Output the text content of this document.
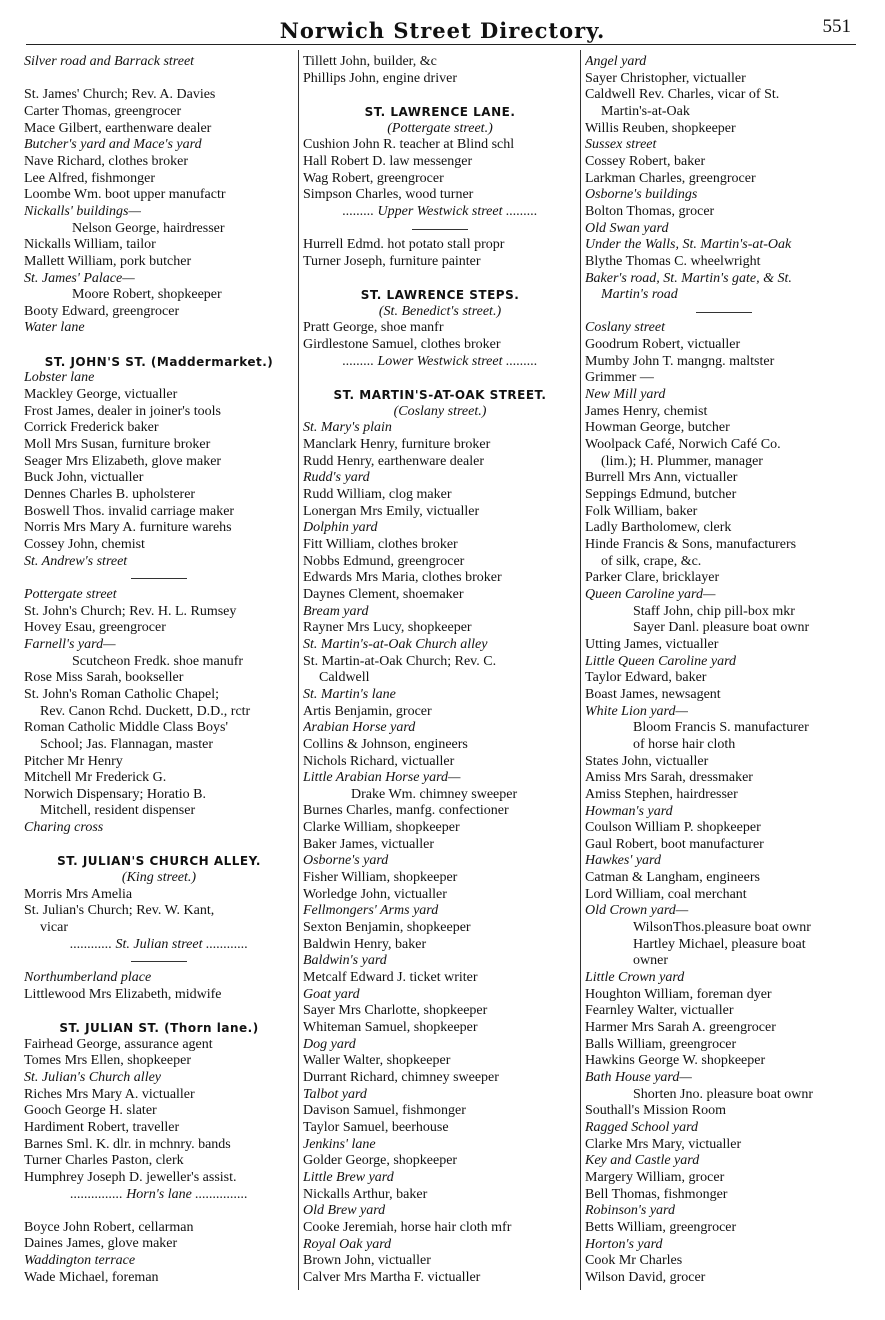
Norwich Street Directory.	551
Silver road and Barrack street
St. James' Church; Rev. A. Davies
Carter Thomas, greengrocer
Mace Gilbert, earthenware dealer
Butcher's yard and Mace's yard
Nave Richard, clothes broker
Lee Alfred, fishmonger
Loombe Wm. boot upper manufactr
Nickalls' buildings—
Nelson George, hairdresser
Nickalls William, tailor
Mallett William, pork butcher
St. James' Palace—
Moore Robert, shopkeeper
Booty Edward, greengrocer
Water lane
ST. JOHN'S ST. (Maddermarket.)
Lobster lane
Mackley George, victualler
Frost James, dealer in joiner's tools
Corrick Frederick baker
Moll Mrs Susan, furniture broker
Seager Mrs Elizabeth, glove maker
Buck John, victualler
Dennes Charles B. upholsterer
Boswell Thos. invalid carriage maker
Norris Mrs Mary A. furniture warehs
Cossey John, chemist
St. Andrew's street
Pottergate street
St. John's Church; Rev. H. L. Rumsey
Hovey Esau, greengrocer
Farnell's yard—
Scutcheon Fredk. shoe manufr
Rose Miss Sarah, bookseller
St. John's Roman Catholic Chapel;
Rev. Canon Rchd. Duckett, D.D., rctr
Roman Catholic Middle Class Boys'
School; Jas. Flannagan, master
Pitcher Mr Henry
Mitchell Mr Frederick G.
Norwich Dispensary; Horatio B.
Mitchell, resident dispenser
Charing cross
ST. JULIAN'S CHURCH ALLEY.
(King street.)
Morris Mrs Amelia
St. Julian's Church; Rev. W. Kant,
vicar
............ St. Julian street ............
Northumberland place
Littlewood Mrs Elizabeth, midwife
ST. JULIAN ST. (Thorn lane.)
Fairhead George, assurance agent
Tomes Mrs Ellen, shopkeeper
St. Julian's Church alley
Riches Mrs Mary A. victualler
Gooch George H. slater
Hardiment Robert, traveller
Barnes Sml. K. dlr. in mchnry. bands
Turner Charles Paston, clerk
Humphrey Joseph D. jeweller's assist.
............... Horn's lane ...............
Boyce John Robert, cellarman
Daines James, glove maker
Waddington terrace
Wade Michael, foreman
Tillett John, builder, &c
Phillips John, engine driver
ST. LAWRENCE LANE.
(Pottergate street.)
Cushion John R. teacher at Blind schl
Hall Robert D. law messenger
Wag Robert, greengrocer
Simpson Charles, wood turner
......... Upper Westwick street .........
Hurrell Edmd. hot potato stall propr
Turner Joseph, furniture painter
ST. LAWRENCE STEPS.
(St. Benedict's street.)
Pratt George, shoe manfr
Girdlestone Samuel, clothes broker
......... Lower Westwick street .........
ST. MARTIN'S-AT-OAK STREET.
(Coslany street.)
St. Mary's plain
Manclark Henry, furniture broker
Rudd Henry, earthenware dealer
Rudd's yard
Rudd William, clog maker
Lonergan Mrs Emily, victualler
Dolphin yard
Fitt William, clothes broker
Nobbs Edmund, greengrocer
Edwards Mrs Maria, clothes broker
Daynes Clement, shoemaker
Bream yard
Rayner Mrs Lucy, shopkeeper
St. Martin's-at-Oak Church alley
St. Martin-at-Oak Church; Rev. C.
Caldwell
St. Martin's lane
Artis Benjamin, grocer
Arabian Horse yard
Collins & Johnson, engineers
Nichols Richard, victualler
Little Arabian Horse yard—
Drake Wm. chimney sweeper
Burnes Charles, manfg. confectioner
Clarke William, shopkeeper
Baker James, victualler
Osborne's yard
Fisher William, shopkeeper
Worledge John, victualler
Fellmongers' Arms yard
Sexton Benjamin, shopkeeper
Baldwin Henry, baker
Baldwin's yard
Metcalf Edward J. ticket writer
Goat yard
Sayer Mrs Charlotte, shopkeeper
Whiteman Samuel, shopkeeper
Dog yard
Waller Walter, shopkeeper
Durrant Richard, chimney sweeper
Talbot yard
Davison Samuel, fishmonger
Taylor Samuel, beerhouse
Jenkins' lane
Golder George, shopkeeper
Little Brew yard
Nickalls Arthur, baker
Old Brew yard
Cooke Jeremiah, horse hair cloth mfr
Royal Oak yard
Brown John, victualler
Calver Mrs Martha F. victualler
Angel yard
Sayer Christopher, victualler
Caldwell Rev. Charles, vicar of St.
Martin's-at-Oak
Willis Reuben, shopkeeper
Sussex street
Cossey Robert, baker
Larkman Charles, greengrocer
Osborne's buildings
Bolton Thomas, grocer
Old Swan yard
Under the Walls, St. Martin's-at-Oak
Blythe Thomas C. wheelwright
Baker's road, St. Martin's gate, & St.
Martin's road
Coslany street
Goodrum Robert, victualler
Mumby John T. mangng. maltster
Grimmer —
New Mill yard
James Henry, chemist
Howman George, butcher
Woolpack Café, Norwich Café Co.
(lim.); H. Plummer, manager
Burrell Mrs Ann, victualler
Seppings Edmund, butcher
Folk William, baker
Ladly Bartholomew, clerk
Hinde Francis & Sons, manufacturers
of silk, crape, &c.
Parker Clare, bricklayer
Queen Caroline yard—
Staff John, chip pill-box mkr
Sayer Danl. pleasure boat ownr
Utting James, victualler
Little Queen Caroline yard
Taylor Edward, baker
Boast James, newsagent
White Lion yard—
Bloom Francis S. manufacturer
of horse hair cloth
States John, victualler
Amiss Mrs Sarah, dressmaker
Amiss Stephen, hairdresser
Howman's yard
Coulson William P. shopkeeper
Gaul Robert, boot manufacturer
Hawkes' yard
Catman & Langham, engineers
Lord William, coal merchant
Old Crown yard—
WilsonThos.pleasure boat ownr
Hartley Michael, pleasure boat
owner
Little Crown yard
Houghton William, foreman dyer
Fearnley Walter, victualler
Harmer Mrs Sarah A. greengrocer
Balls William, greengrocer
Hawkins George W. shopkeeper
Bath House yard—
Shorten Jno. pleasure boat ownr
Southall's Mission Room
Ragged School yard
Clarke Mrs Mary, victualler
Key and Castle yard
Margery William, grocer
Bell Thomas, fishmonger
Robinson's yard
Betts William, greengrocer
Horton's yard
Cook Mr Charles
Wilson David, grocer
